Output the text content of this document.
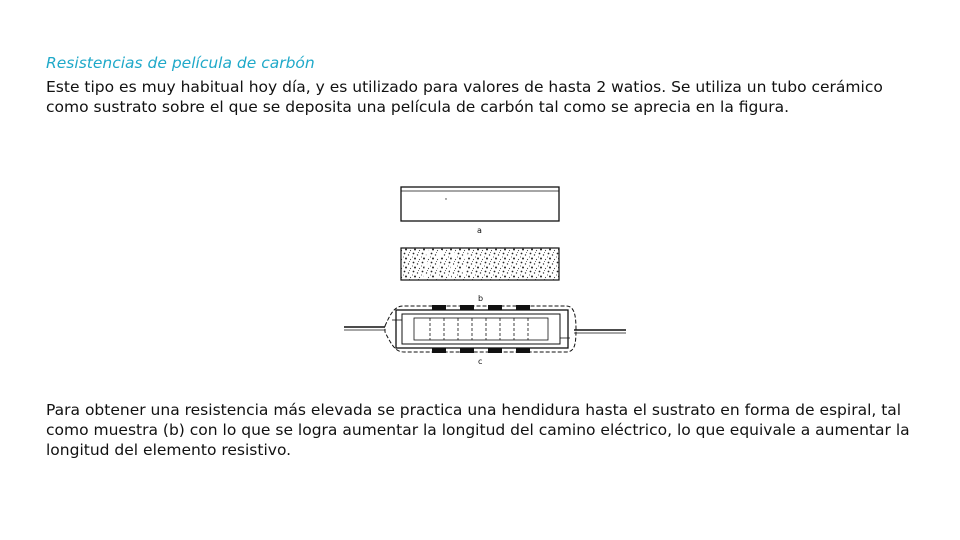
Resistencias de película de carbón
Este tipo es muy habitual hoy día, y es utilizado para valores de hasta 2 watios. Se utiliza un tubo cerámico como sustrato sobre el que se deposita una película de carbón tal como se aprecia en la figura.
a
b
c
Para obtener una resistencia más elevada se practica una hendidura hasta el sustrato en forma de espiral, tal como muestra (b) con lo que se logra aumentar la longitud del camino eléctrico, lo que equivale a aumentar la longitud del elemento resistivo.
